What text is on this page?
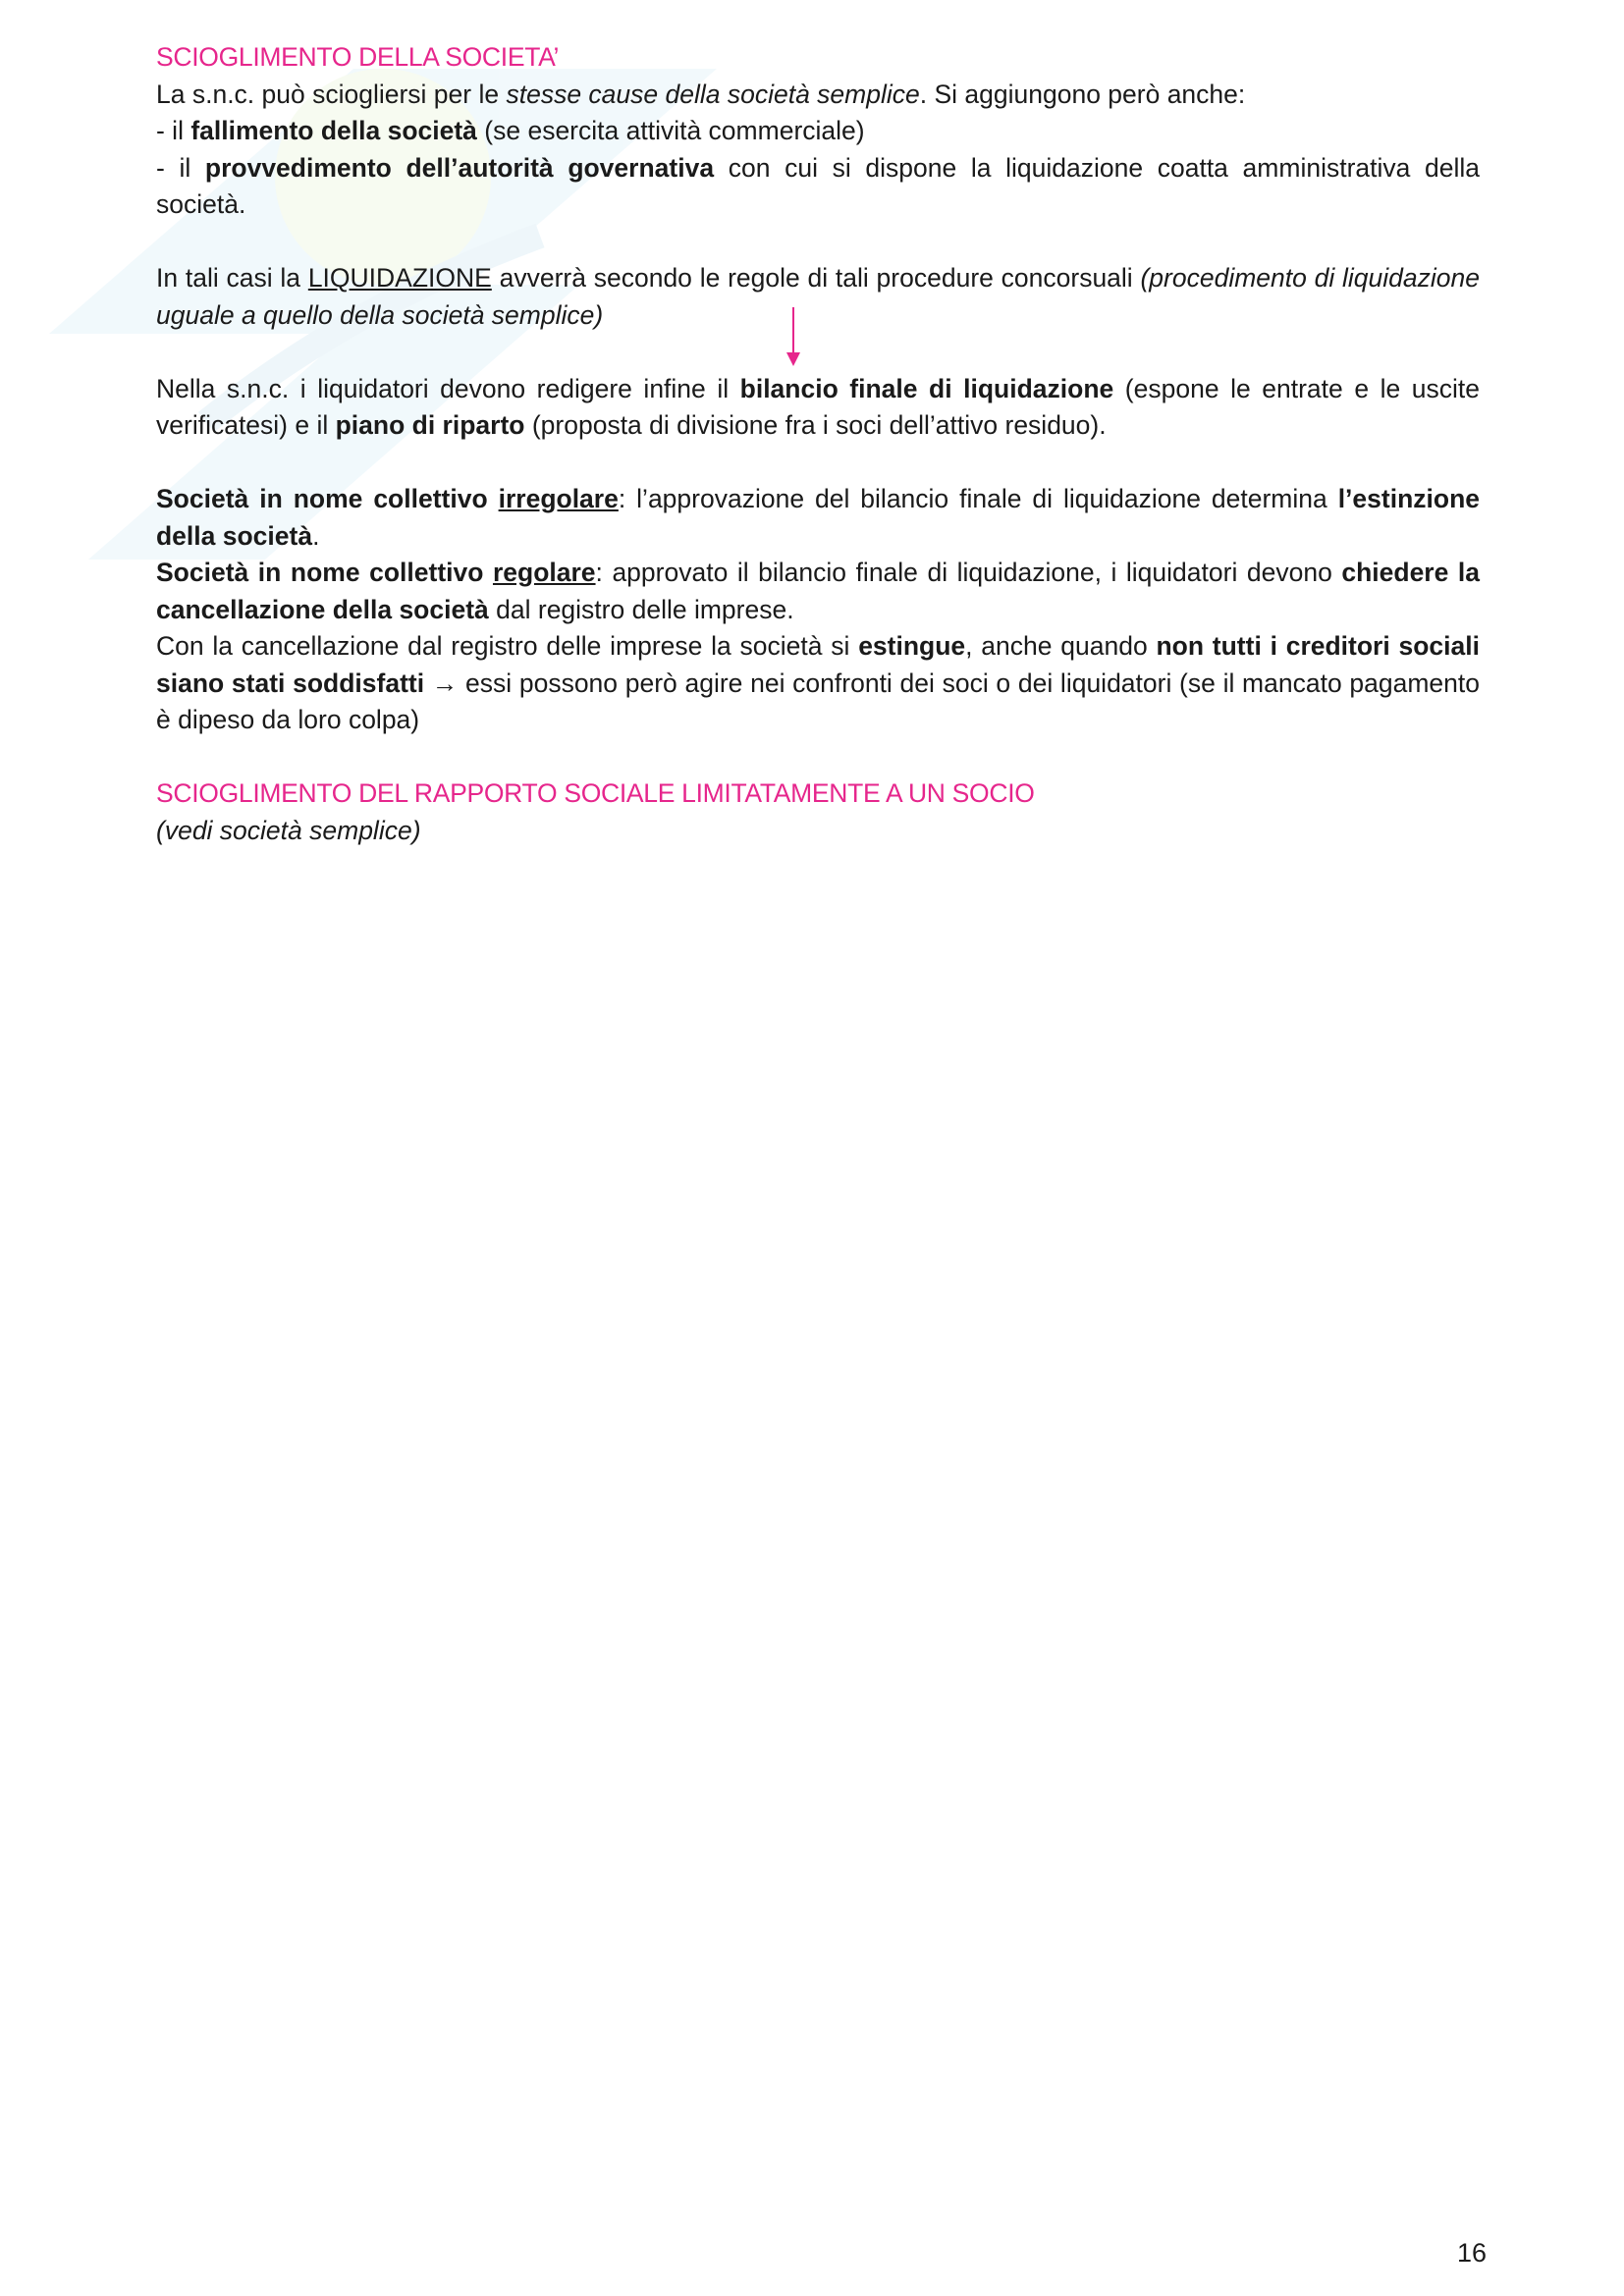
SCIOGLIMENTO DELLA SOCIETA’

La s.n.c. può sciogliersi per le stesse cause della società semplice. Si aggiungono però anche:

- il fallimento della società (se esercita attività commerciale)

- il provvedimento dell’autorità governativa con cui si dispone la liquidazione coatta amministrativa della società.

In tali casi la LIQUIDAZIONE avverrà secondo le regole di tali procedure concorsuali (procedimento di liquidazione uguale a quello della società semplice)

Nella s.n.c. i liquidatori devono redigere infine il bilancio finale di liquidazione (espone le entrate e le uscite verificatesi) e il piano di riparto (proposta di divisione fra i soci dell’attivo residuo).

Società in nome collettivo irregolare: l’approvazione del bilancio finale di liquidazione determina l’estinzione della società.

Società in nome collettivo regolare: approvato il bilancio finale di liquidazione, i liquidatori devono chiedere la cancellazione della società dal registro delle imprese.

Con la cancellazione dal registro delle imprese la società si estingue, anche quando non tutti i creditori sociali siano stati soddisfatti → essi possono però agire nei confronti dei soci o dei liquidatori (se il mancato pagamento è dipeso da loro colpa)

SCIOGLIMENTO DEL RAPPORTO SOCIALE LIMITATAMENTE A UN SOCIO

(vedi società semplice)

16
